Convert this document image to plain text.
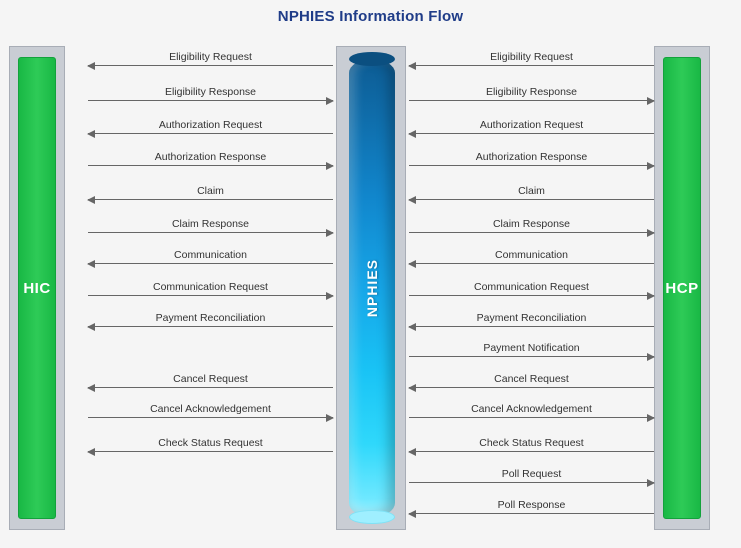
NPHIES Information Flow
HIC	NPHIES	HCP
Eligibility Request
Eligibility Response
Authorization Request
Authorization Response
Claim
Claim Response
Communication
Communication Request
Payment Reconciliation
Cancel Request
Cancel Acknowledgement
Check Status Request
Eligibility Request
Eligibility Response
Authorization Request
Authorization Response
Claim
Claim Response
Communication
Communication Request
Payment Reconciliation
Payment Notification
Cancel Request
Cancel Acknowledgement
Check Status Request
Poll Request
Poll Response
